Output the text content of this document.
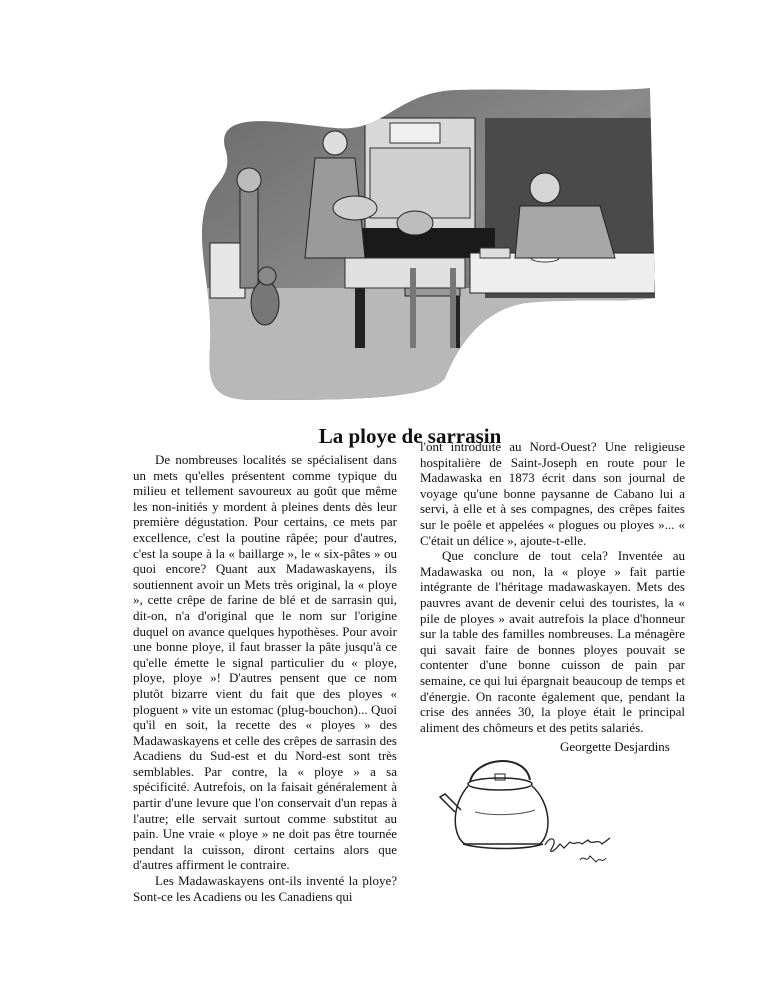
La ploye de sarrasin

De nombreuses localités se spécialisent dans un mets qu'elles présentent comme typique du milieu et tellement savoureux au goût que même les non-initiés y mordent à pleines dents dès leur première dégustation. Pour certains, ce mets par excellence, c'est la poutine râpée; pour d'autres, c'est la soupe à la « baillarge », le « six-pâtes » ou quoi encore? Quant aux Madawaskayens, ils soutiennent avoir un Mets très original, la « ploye », cette crêpe de farine de blé et de sarrasin qui, dit-on, n'a d'original que le nom sur l'origine duquel on avance quelques hypothèses. Pour avoir une bonne ploye, il faut brasser la pâte jusqu'à ce qu'elle émette le signal particulier du « ploye, ploye, ploye »! D'autres pensent que ce nom plutôt bizarre vient du fait que des ployes « ploguent » vite un estomac (plug-bouchon)... Quoi qu'il en soit, la recette des « ployes » des Madawaskayens et celle des crêpes de sarrasin des Acadiens du Sud-est et du Nord-est sont très semblables. Par contre, la « ploye » a sa spécificité. Autrefois, on la faisait généralement à partir d'une levure que l'on conservait d'un repas à l'autre; elle servait surtout comme substitut au pain. Une vraie « ploye » ne doit pas être tournée pendant la cuisson, diront certains alors que d'autres affirment le contraire.

Les Madawaskayens ont-ils inventé la ploye? Sont-ce les Acadiens ou les Canadiens qui

l'ont introduite au Nord-Ouest? Une religieuse hospitalière de Saint-Joseph en route pour le Madawaska en 1873 écrit dans son journal de voyage qu'une bonne paysanne de Cabano lui a servi, à elle et à ses compagnes, des crêpes faites sur le poêle et appelées « plogues ou ployes »... « C'était un délice », ajoute-t-elle.

Que conclure de tout cela? Inventée au Madawaska ou non, la « ploye » fait partie intégrante de l'héritage madawaskayen. Mets des pauvres avant de devenir celui des touristes, la « pile de ployes » avait autrefois la place d'honneur sur la table des familles nombreuses. La ménagère qui savait faire de bonnes ployes pouvait se contenter d'une bonne cuisson de pain par semaine, ce qui lui épargnait beaucoup de temps et d'énergie. On raconte également que, pendant la crise des années 30, la ploye était le principal aliment des chômeurs et des petits salariés.

Georgette Desjardins
